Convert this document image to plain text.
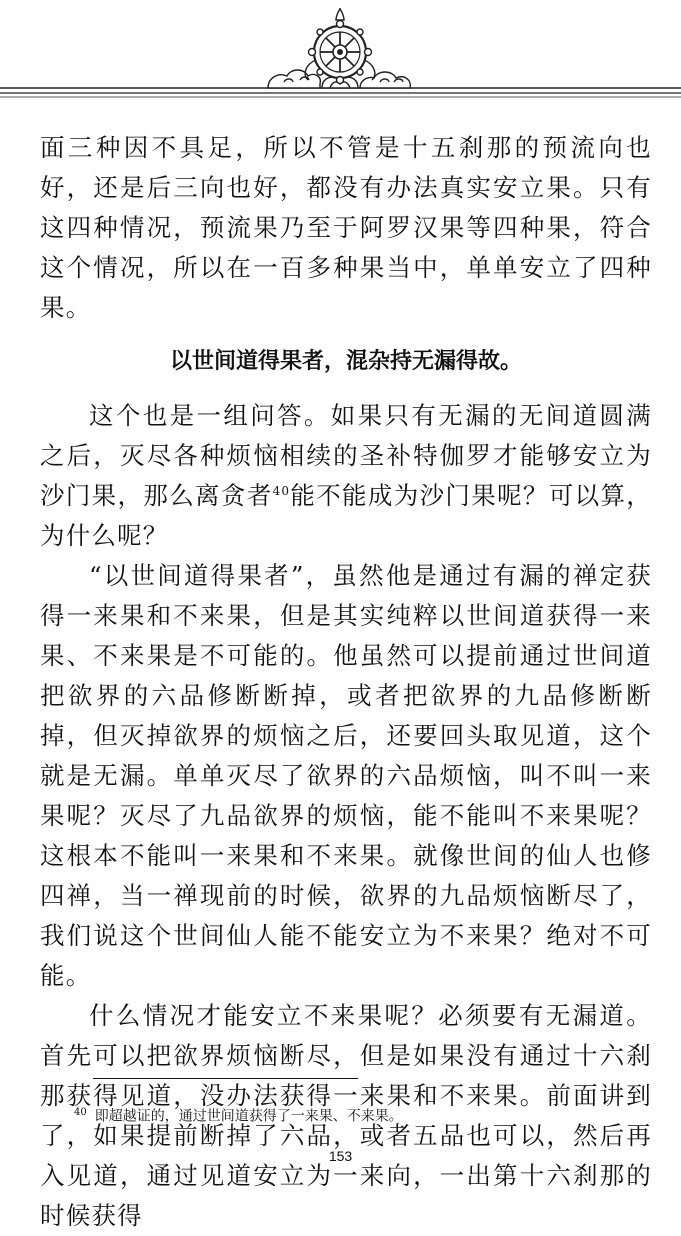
面三种因不具足，所以不管是十五刹那的预流向也好，还是后三向也好，都没有办法真实安立果。只有这四种情况，预流果乃至于阿罗汉果等四种果，符合这个情况，所以在一百多种果当中，单单安立了四种果。

以世间道得果者，混杂持无漏得故。

这个也是一组问答。如果只有无漏的无间道圆满之后，灭尽各种烦恼相续的圣补特伽罗才能够安立为沙门果，那么离贪者$^{40}$能不能成为沙门果呢？可以算，为什么呢？

“以世间道得果者”，虽然他是通过有漏的禅定获得一来果和不来果，但是其实纯粹以世间道获得一来果、不来果是不可能的。他虽然可以提前通过世间道把欲界的六品修断断掉，或者把欲界的九品修断断掉，但灭掉欲界的烦恼之后，还要回头取见道，这个就是无漏。单单灭尽了欲界的六品烦恼，叫不叫一来果呢？灭尽了九品欲界的烦恼，能不能叫不来果呢？这根本不能叫一来果和不来果。就像世间的仙人也修四禅，当一禅现前的时候，欲界的九品烦恼断尽了，我们说这个世间仙人能不能安立为不来果？绝对不可能。

什么情况才能安立不来果呢？必须要有无漏道。首先可以把欲界烦恼断尽，但是如果没有通过十六刹那获得见道，没办法获得一来果和不来果。前面讲到了，如果提前断掉了六品，或者五品也可以，然后再入见道，通过见道安立为一来向，一出第十六刹那的时候获得

$^{40}$ 即超越证的，通过世间道获得了一来果、不来果。
153
